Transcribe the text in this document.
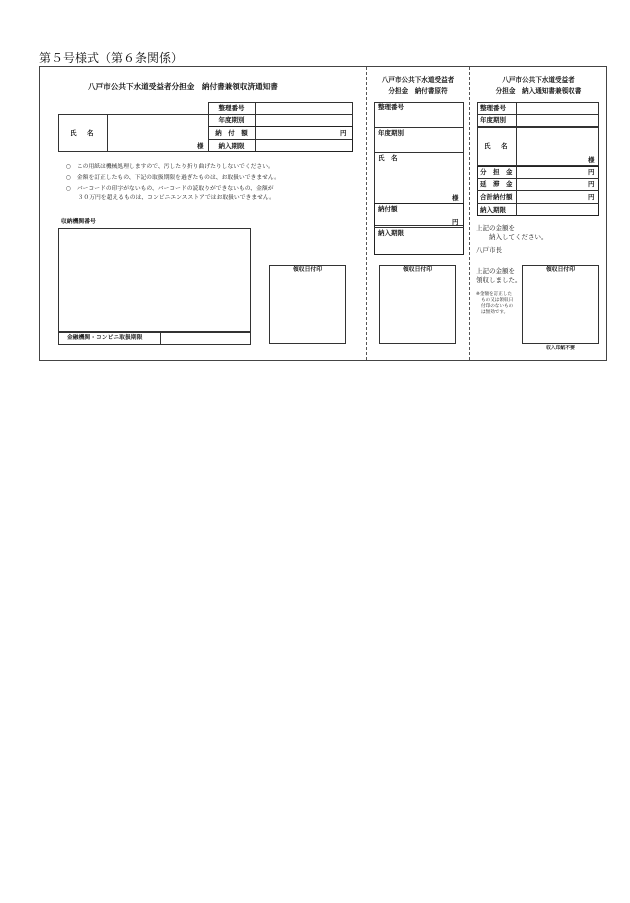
第５号様式（第６条関係）
八戸市公共下水道受益者分担金　納付書兼領収済通知書
整理番号
年度期別
納　付　額	円
納入期限
氏　名
様
○　この用紙は機械処理しますので、汚したり折り曲げたりしないでください。
○　金額を訂正したもの、下記の取扱期限を過ぎたものは、お取扱いできません。
○　バーコードの印字がないもの、バーコードの読取りができないもの、金額が
　　３０万円を超えるものは、コンビニエンスストアではお取扱いできません。
収納機関番号
金融機関・コンビニ取扱期限
領収日付印
八戸市公共下水道受益者
分担金　納付書原符
整理番号
年度期別
氏　名
様
納付額
円
納入期限
領収日付印
八戸市公共下水道受益者
分担金　納入通知書兼領収書
整理番号
年度期別
氏　名
様
分　担　金	円
延　滞　金	円
合計納付額	円
納入期限
上記の金額を
納入してください。
八戸市長
上記の金額を
領収しました。
※金額を訂正した
もの又は領収日
付印のないもの
は無効です。
領収日付印
収入印紙不要
